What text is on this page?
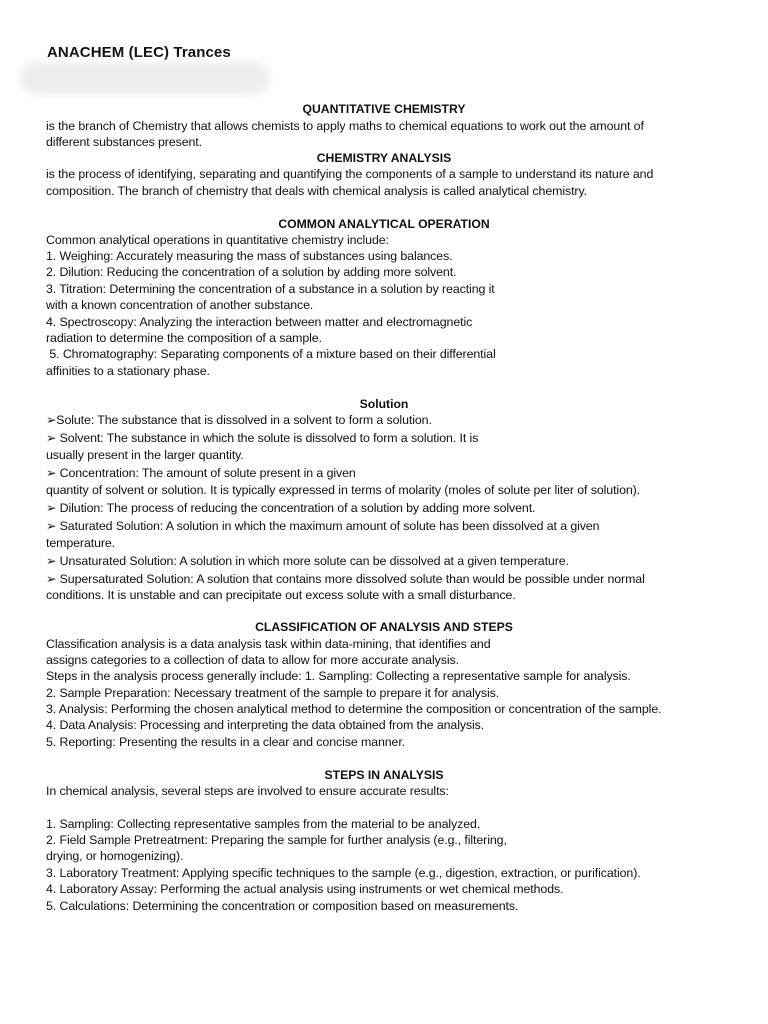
ANACHEM (LEC) Trances
QUANTITATIVE CHEMISTRY
is the branch of Chemistry that allows chemists to apply maths to chemical equations to work out the amount of
different substances present.
CHEMISTRY ANALYSIS
is the process of identifying, separating and quantifying the components of a sample to understand its nature and
composition. The branch of chemistry that deals with chemical analysis is called analytical chemistry.
COMMON ANALYTICAL OPERATION
Common analytical operations in quantitative chemistry include:
1. Weighing: Accurately measuring the mass of substances using balances.
2. Dilution: Reducing the concentration of a solution by adding more solvent.
3. Titration: Determining the concentration of a substance in a solution by reacting it
with a known concentration of another substance.
4. Spectroscopy: Analyzing the interaction between matter and electromagnetic
radiation to determine the composition of a sample.
5. Chromatography: Separating components of a mixture based on their differential
affinities to a stationary phase.
Solution
➢Solute: The substance that is dissolved in a solvent to form a solution.
➢ Solvent: The substance in which the solute is dissolved to form a solution. It is
usually present in the larger quantity.
➢ Concentration: The amount of solute present in a given
quantity of solvent or solution. It is typically expressed in terms of molarity (moles of solute per liter of solution).
➢ Dilution: The process of reducing the concentration of a solution by adding more solvent.
➢ Saturated Solution: A solution in which the maximum amount of solute has been dissolved at a given
temperature.
➢ Unsaturated Solution: A solution in which more solute can be dissolved at a given temperature.
➢ Supersaturated Solution: A solution that contains more dissolved solute than would be possible under normal
conditions. It is unstable and can precipitate out excess solute with a small disturbance.
CLASSIFICATION OF ANALYSIS AND STEPS
Classification analysis is a data analysis task within data-mining, that identifies and
assigns categories to a collection of data to allow for more accurate analysis.
Steps in the analysis process generally include: 1. Sampling: Collecting a representative sample for analysis.
2. Sample Preparation: Necessary treatment of the sample to prepare it for analysis.
3. Analysis: Performing the chosen analytical method to determine the composition or concentration of the sample.
4. Data Analysis: Processing and interpreting the data obtained from the analysis.
5. Reporting: Presenting the results in a clear and concise manner.
STEPS IN ANALYSIS
In chemical analysis, several steps are involved to ensure accurate results:
1. Sampling: Collecting representative samples from the material to be analyzed.
2. Field Sample Pretreatment: Preparing the sample for further analysis (e.g., filtering,
drying, or homogenizing).
3. Laboratory Treatment: Applying specific techniques to the sample (e.g., digestion, extraction, or purification).
4. Laboratory Assay: Performing the actual analysis using instruments or wet chemical methods.
5. Calculations: Determining the concentration or composition based on measurements.
